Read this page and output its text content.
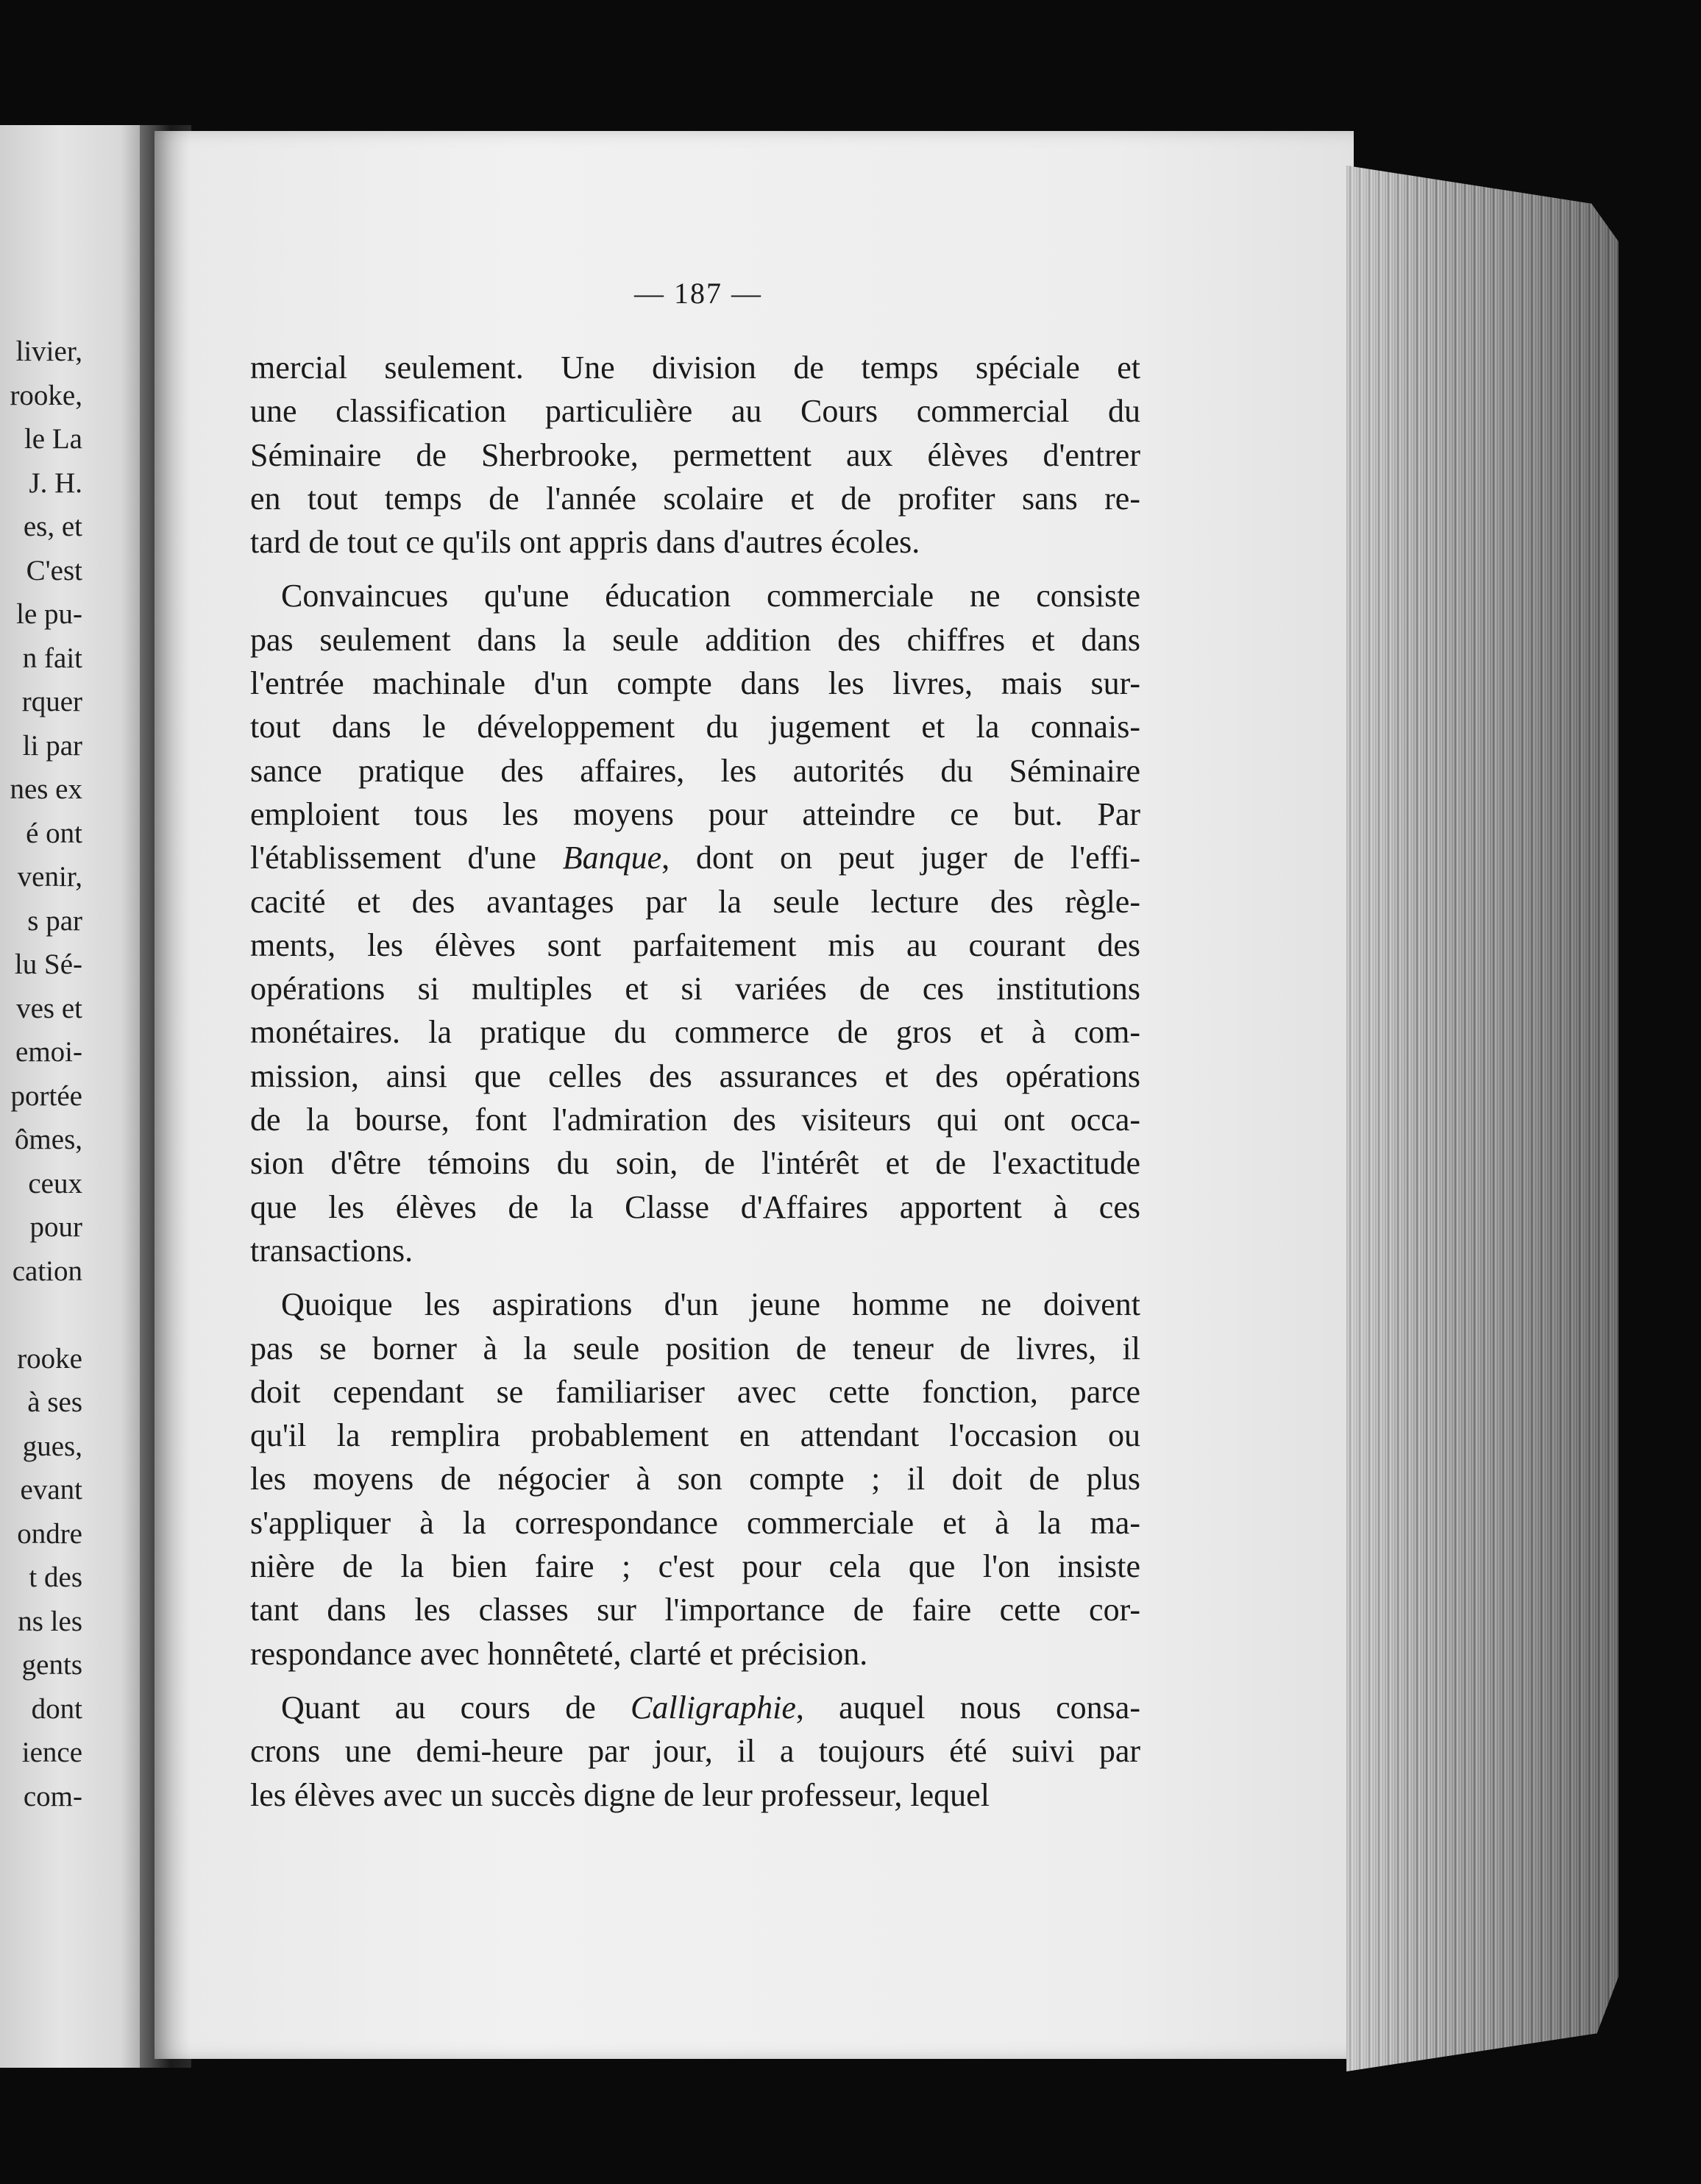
livier,
rooke,
le La
J. H.
es, et
C'est
le pu-
n fait
rquer
li par
nes ex
é ont
venir,
s par
lu Sé-
ves et
emoi-
portée
ômes,
ceux
pour
cation
rooke
à ses
gues,
evant
ondre
t des
ns les
gents
dont
ience
com-
— 187 —
mercial seulement. Une division de temps spéciale et
une classification particulière au Cours commercial du
Séminaire de Sherbrooke, permettent aux élèves d'entrer
en tout temps de l'année scolaire et de profiter sans re-
tard de tout ce qu'ils ont appris dans d'autres écoles.
Convaincues qu'une éducation commerciale ne consiste
pas seulement dans la seule addition des chiffres et dans
l'entrée machinale d'un compte dans les livres, mais sur-
tout dans le développement du jugement et la connais-
sance pratique des affaires, les autorités du Séminaire
emploient tous les moyens pour atteindre ce but. Par
l'établissement d'une Banque, dont on peut juger de l'effi-
cacité et des avantages par la seule lecture des règle-
ments, les élèves sont parfaitement mis au courant des
opérations si multiples et si variées de ces institutions
monétaires. la pratique du commerce de gros et à com-
mission, ainsi que celles des assurances et des opérations
de la bourse, font l'admiration des visiteurs qui ont occa-
sion d'être témoins du soin, de l'intérêt et de l'exactitude
que les élèves de la Classe d'Affaires apportent à ces
transactions.
Quoique les aspirations d'un jeune homme ne doivent
pas se borner à la seule position de teneur de livres, il
doit cependant se familiariser avec cette fonction, parce
qu'il la remplira probablement en attendant l'occasion ou
les moyens de négocier à son compte ; il doit de plus
s'appliquer à la correspondance commerciale et à la ma-
nière de la bien faire ; c'est pour cela que l'on insiste
tant dans les classes sur l'importance de faire cette cor-
respondance avec honnêteté, clarté et précision.
Quant au cours de Calligraphie, auquel nous consa-
crons une demi-heure par jour, il a toujours été suivi par
les élèves avec un succès digne de leur professeur, lequel
